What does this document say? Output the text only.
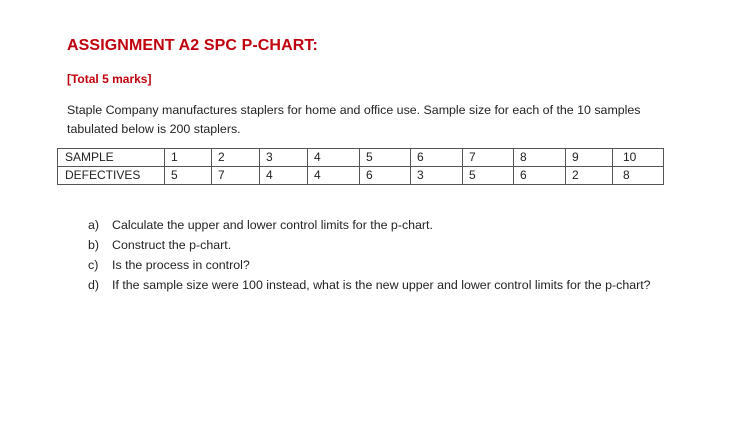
ASSIGNMENT A2 SPC P-CHART:
[Total 5 marks]
Staple Company manufactures staplers for home and office use. Sample size for each of the 10 samples tabulated below is 200 staplers.
SAMPLE	1	2	3	4	5	6	7	8	9	10
DEFECTIVES	5	7	4	4	6	3	5	6	2	8
a) Calculate the upper and lower control limits for the p-chart.
b) Construct the p-chart.
c) Is the process in control?
d) If the sample size were 100 instead, what is the new upper and lower control limits for the p-chart?
